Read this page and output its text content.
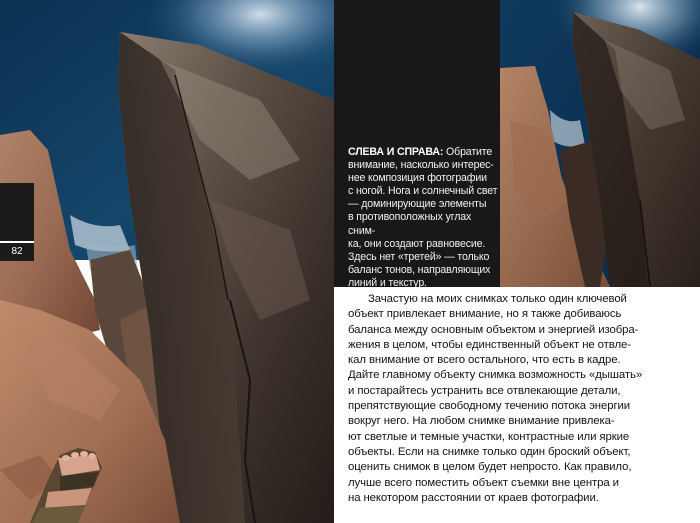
82
СЛЕВА И СПРАВА: Обратите
внимание, насколько интерес-
нее композиция фотографии
с ногой. Нога и солнечный свет
— доминирующие элементы
в противоположных углах сним-
ка, они создают равновесие.
Здесь нет «третей» — только
баланс тонов, направляющих
линий и текстур.
Зачастую на моих снимках только один ключевой
объект привлекает внимание, но я также добиваюсь
баланса между основным объектом и энергией изобра-
жения в целом, чтобы единственный объект не отвле-
кал внимание от всего остального, что есть в кадре.
Дайте главному объекту снимка возможность «дышать»
и постарайтесь устранить все отвлекающие детали,
препятствующие свободному течению потока энергии
вокруг него. На любом снимке внимание привлека-
ют светлые и темные участки, контрастные или яркие
объекты. Если на снимке только один броский объект,
оценить снимок в целом будет непросто. Как правило,
лучше всего поместить объект съемки вне центра и
на некотором расстоянии от краев фотографии.
